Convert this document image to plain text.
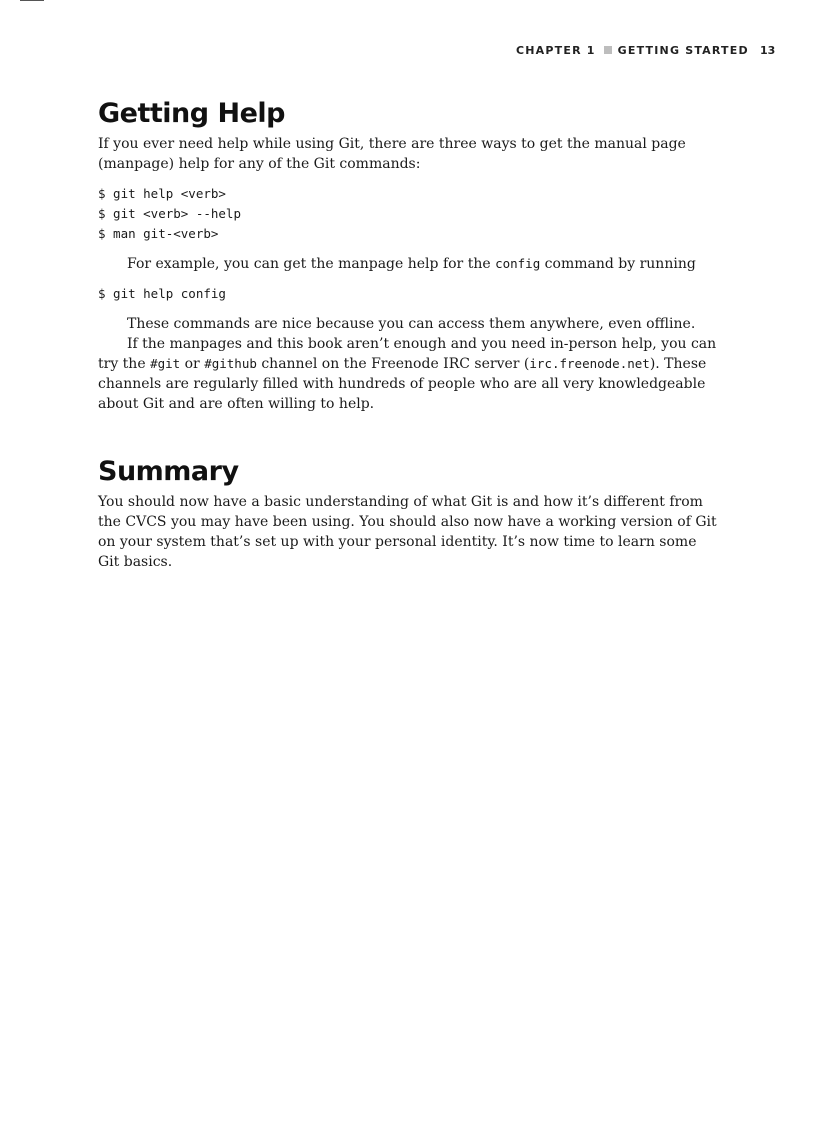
CHAPTER 1 GETTING STARTED 13
Getting Help

If you ever need help while using Git, there are three ways to get the manual page (manpage) help for any of the Git commands:

$ git help <verb>
$ git <verb> --help
$ man git-<verb>

For example, you can get the manpage help for the config command by running

$ git help config

These commands are nice because you can access them anywhere, even offline.

If the manpages and this book aren’t enough and you need in-person help, you can try the #git or #github channel on the Freenode IRC server (irc.freenode.net). These channels are regularly filled with hundreds of people who are all very knowledgeable about Git and are often willing to help.

Summary

You should now have a basic understanding of what Git is and how it’s different from the CVCS you may have been using. You should also now have a working version of Git on your system that’s set up with your personal identity. It’s now time to learn some Git basics.
